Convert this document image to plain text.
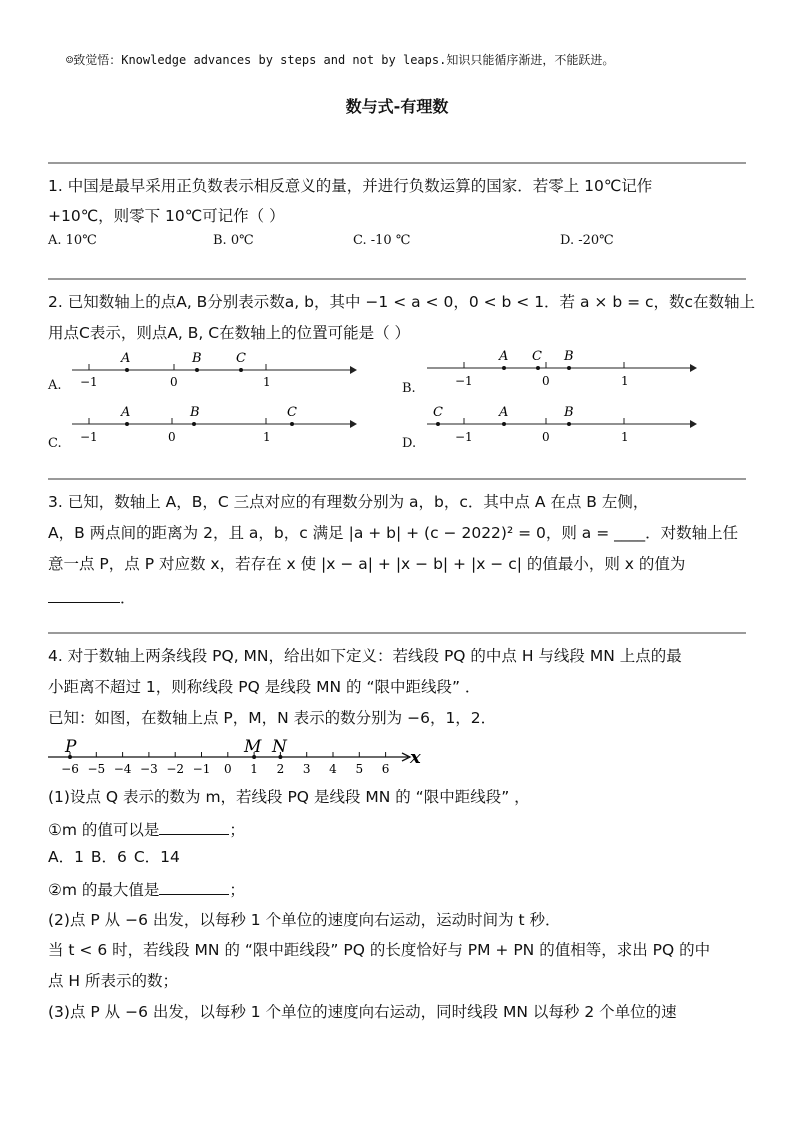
☺致觉悟：Knowledge advances by steps and not by leaps.知识只能循序渐进，不能跃进。
数与式-有理数
1. 中国是最早采用正负数表示相反意义的量，并进行负数运算的国家．若零上 10℃记作
+10℃，则零下 10℃可记作（ ）
A. 10℃	B. 0℃	C. -10 ℃	D. -20℃
2. 已知数轴上的点A, B分别表示数a, b，其中 −1 < a < 0，0 < b < 1．若 a × b = c，数c在数轴上
用点C表示，则点A, B, C在数轴上的位置可能是（ ）
A.	B.
C.	D.
−1	0	1
A	B	C
−1	0	1
A C B
−1	0	1
A	B	C
−1	0	1
C	A	B
3. 已知，数轴上 A，B，C 三点对应的有理数分别为 a，b，c．其中点 A 在点 B 左侧，
A，B 两点间的距离为 2，且 a，b，c 满足 |a + b| + (c − 2022)² = 0，则 a = ____．对数轴上任
意一点 P，点 P 对应数 x，若存在 x 使 |x − a| + |x − b| + |x − c| 的值最小，则 x 的值为
．
4. 对于数轴上两条线段 PQ, MN，给出如下定义：若线段 PQ 的中点 H 与线段 MN 上点的最
小距离不超过 1，则称线段 PQ 是线段 MN 的 “限中距线段” ．
已知：如图，在数轴上点 P，M，N 表示的数分别为 −6，1，2．
−6 −5 −4 −3 −2 −1 0 1 2 3 4 5 6
P	M N	x
(1)设点 Q 表示的数为 m，若线段 PQ 是线段 MN 的 “限中距线段” ，
①m 的值可以是	；
A．1 B．6 C．14
②m 的最大值是	；
(2)点 P 从 −6 出发，以每秒 1 个单位的速度向右运动，运动时间为 t 秒．
当 t < 6 时，若线段 MN 的 “限中距线段” PQ 的长度恰好与 PM + PN 的值相等，求出 PQ 的中
点 H 所表示的数；
(3)点 P 从 −6 出发，以每秒 1 个单位的速度向右运动，同时线段 MN 以每秒 2 个单位的速
